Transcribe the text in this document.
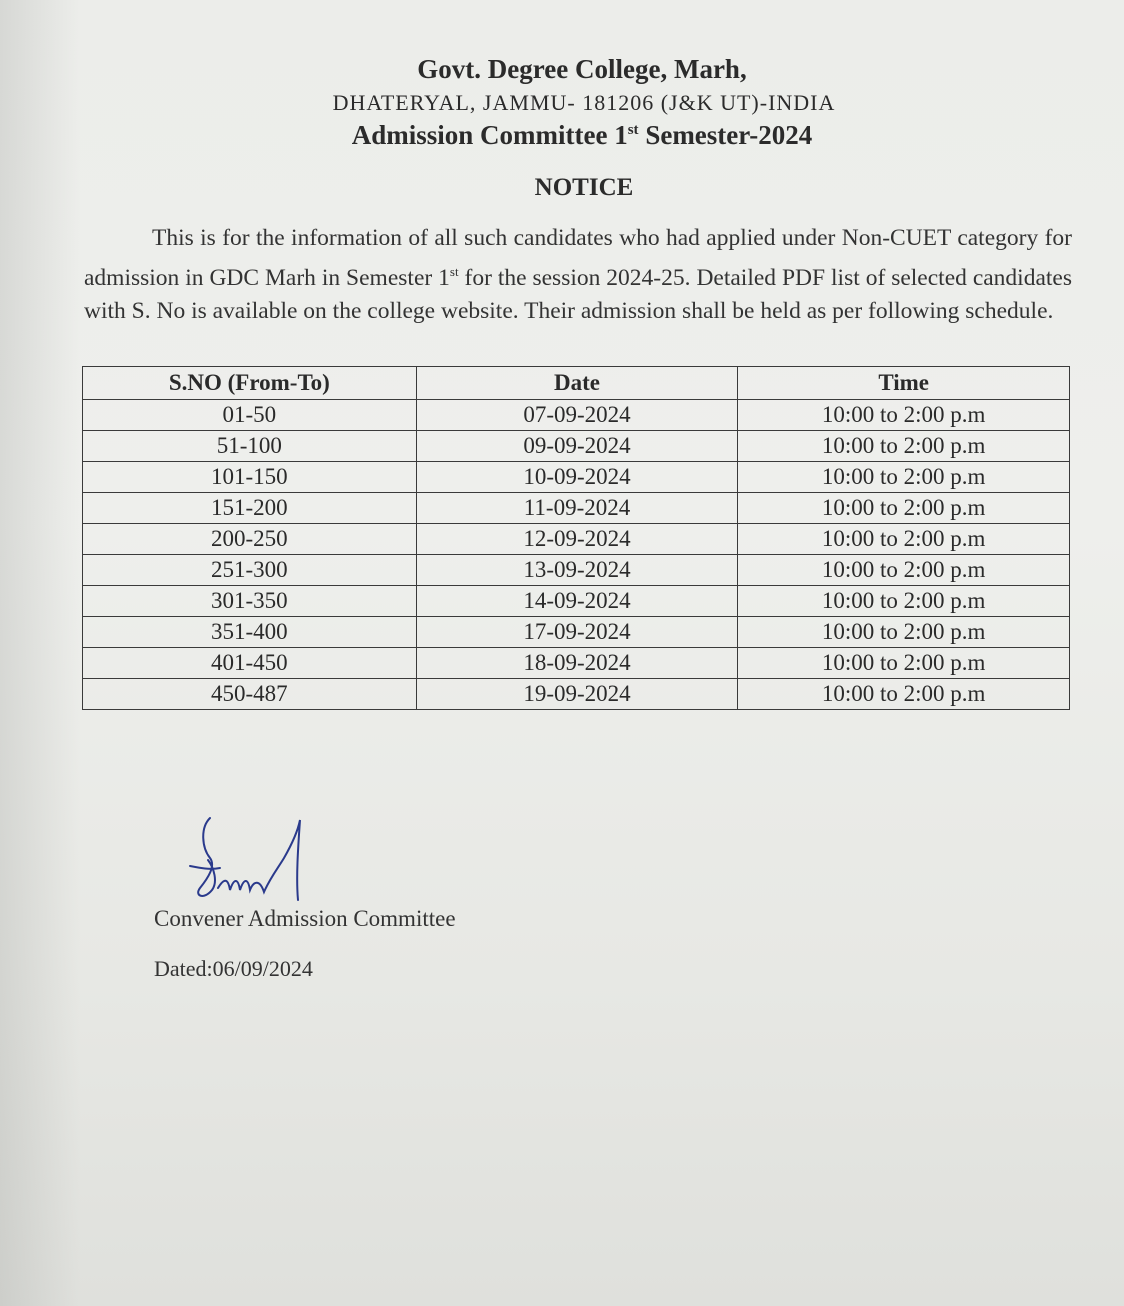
Govt. Degree College, Marh,
DHATERYAL, JAMMU- 181206 (J&K UT)-INDIA
Admission Committee 1st Semester-2024
NOTICE
This is for the information of all such candidates who had applied under Non-CUET category for admission in GDC Marh in Semester 1st for the session 2024-25. Detailed PDF list of selected candidates with S. No is available on the college website. Their admission shall be held as per following schedule.
S.NO (From-To)	Date	Time
01-50	07-09-2024	10:00 to 2:00 p.m
51-100	09-09-2024	10:00 to 2:00 p.m
101-150	10-09-2024	10:00 to 2:00 p.m
151-200	11-09-2024	10:00 to 2:00 p.m
200-250	12-09-2024	10:00 to 2:00 p.m
251-300	13-09-2024	10:00 to 2:00 p.m
301-350	14-09-2024	10:00 to 2:00 p.m
351-400	17-09-2024	10:00 to 2:00 p.m
401-450	18-09-2024	10:00 to 2:00 p.m
450-487	19-09-2024	10:00 to 2:00 p.m
Convener Admission Committee
Dated:06/09/2024
